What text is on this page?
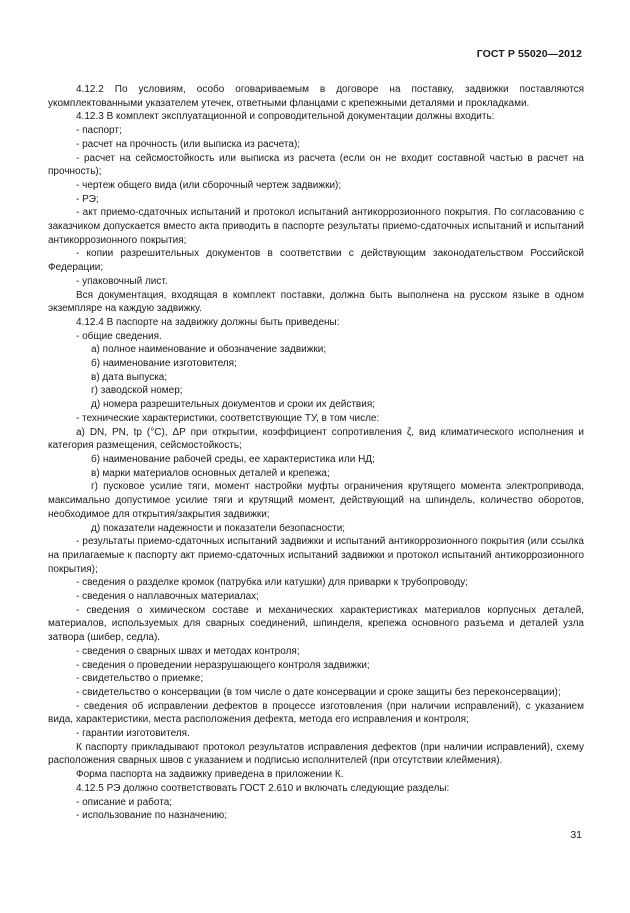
ГОСТ Р 55020—2012

4.12.2 По условиям, особо оговариваемым в договоре на поставку, задвижки поставляются укомплектованными указателем утечек, ответными фланцами с крепежными деталями и прокладками.

4.12.3 В комплект эксплуатационной и сопроводительной документации должны входить:

- паспорт;

- расчет на прочность (или выписка из расчета);

- расчет на сейсмостойкость или выписка из расчета (если он не входит составной частью в расчет на прочность);

- чертеж общего вида (или сборочный чертеж задвижки);

- РЭ;

- акт приемо-сдаточных испытаний и протокол испытаний антикоррозионного покрытия. По согласованию с заказчиком допускается вместо акта приводить в паспорте результаты приемо-сдаточных испытаний и испытаний антикоррозионного покрытия;

- копии разрешительных документов в соответствии с действующим законодательством Российской Федерации;

- упаковочный лист.

Вся документация, входящая в комплект поставки, должна быть выполнена на русском языке в одном экземпляре на каждую задвижку.

4.12.4 В паспорте на задвижку должны быть приведены:

- общие сведения.

а) полное наименование и обозначение задвижки;

б) наименование изготовителя;

в) дата выпуска;

г) заводской номер;

д) номера разрешительных документов и сроки их действия;

- технические характеристики, соответствующие ТУ, в том числе:

а) DN, PN, tр (°С), ΔP при открытии, коэффициент сопротивления ζ, вид климатического исполнения и категория размещения, сейсмостойкость;

б) наименование рабочей среды, ее характеристика или НД;

в) марки материалов основных деталей и крепежа;

г) пусковое усилие тяги, момент настройки муфты ограничения крутящего момента электропривода, максимально допустимое усилие тяги и крутящий момент, действующий на шпиндель, количество оборотов, необходимое для открытия/закрытия задвижки;

д) показатели надежности и показатели безопасности;

- результаты приемо-сдаточных испытаний задвижки и испытаний антикоррозионного покрытия (или ссылка на прилагаемые к паспорту акт приемо-сдаточных испытаний задвижки и протокол испытаний антикоррозионного покрытия);

- сведения о разделке кромок (патрубка или катушки) для приварки к трубопроводу;

- сведения о наплавочных материалах;

- сведения о химическом составе и механических характеристиках материалов корпусных деталей, материалов, используемых для сварных соединений, шпинделя, крепежа основного разъема и деталей узла затвора (шибер, седла).

- сведения о сварных швах и методах контроля;

- сведения о проведении неразрушающего контроля задвижки;

- свидетельство о приемке;

- свидетельство о консервации (в том числе о дате консервации и сроке защиты без переконсервации);

- сведения об исправлении дефектов в процессе изготовления (при наличии исправлений), с указанием вида, характеристики, места расположения дефекта, метода его исправления и контроля;

- гарантии изготовителя.

К паспорту прикладывают протокол результатов исправления дефектов (при наличии исправлений), схему расположения сварных швов с указанием и подписью исполнителей (при отсутствии клеймения).

Форма паспорта на задвижку приведена в приложении К.

4.12.5 РЭ должно соответствовать ГОСТ 2.610 и включать следующие разделы:

- описание и работа;

- использование по назначению;

31
